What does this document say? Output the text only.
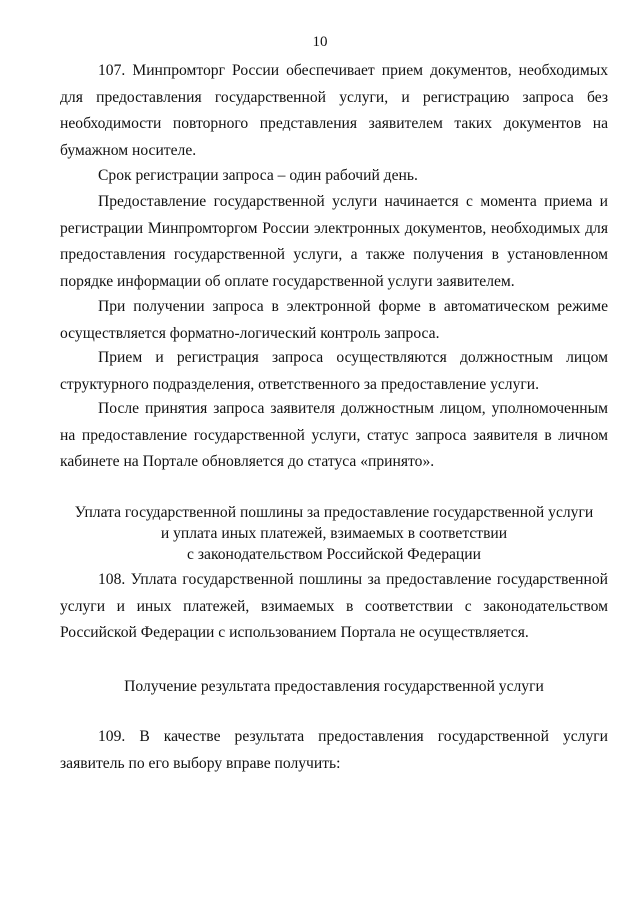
10

107. Минпромторг России обеспечивает прием документов, необходимых для предоставления государственной услуги, и регистрацию запроса без необходимости повторного представления заявителем таких документов на бумажном носителе.

Срок регистрации запроса – один рабочий день.

Предоставление государственной услуги начинается с момента приема и регистрации Минпромторгом России электронных документов, необходимых для предоставления государственной услуги, а также получения в установленном порядке информации об оплате государственной услуги заявителем.

При получении запроса в электронной форме в автоматическом режиме осуществляется форматно-логический контроль запроса.

Прием и регистрация запроса осуществляются должностным лицом структурного подразделения, ответственного за предоставление услуги.

После принятия запроса заявителя должностным лицом, уполномоченным на предоставление государственной услуги, статус запроса заявителя в личном кабинете на Портале обновляется до статуса «принято».

Уплата государственной пошлины за предоставление государственной услуги
и уплата иных платежей, взимаемых в соответствии
с законодательством Российской Федерации

108. Уплата государственной пошлины за предоставление государственной услуги и иных платежей, взимаемых в соответствии с законодательством Российской Федерации с использованием Портала не осуществляется.

Получение результата предоставления государственной услуги

109. В качестве результата предоставления государственной услуги заявитель по его выбору вправе получить:
